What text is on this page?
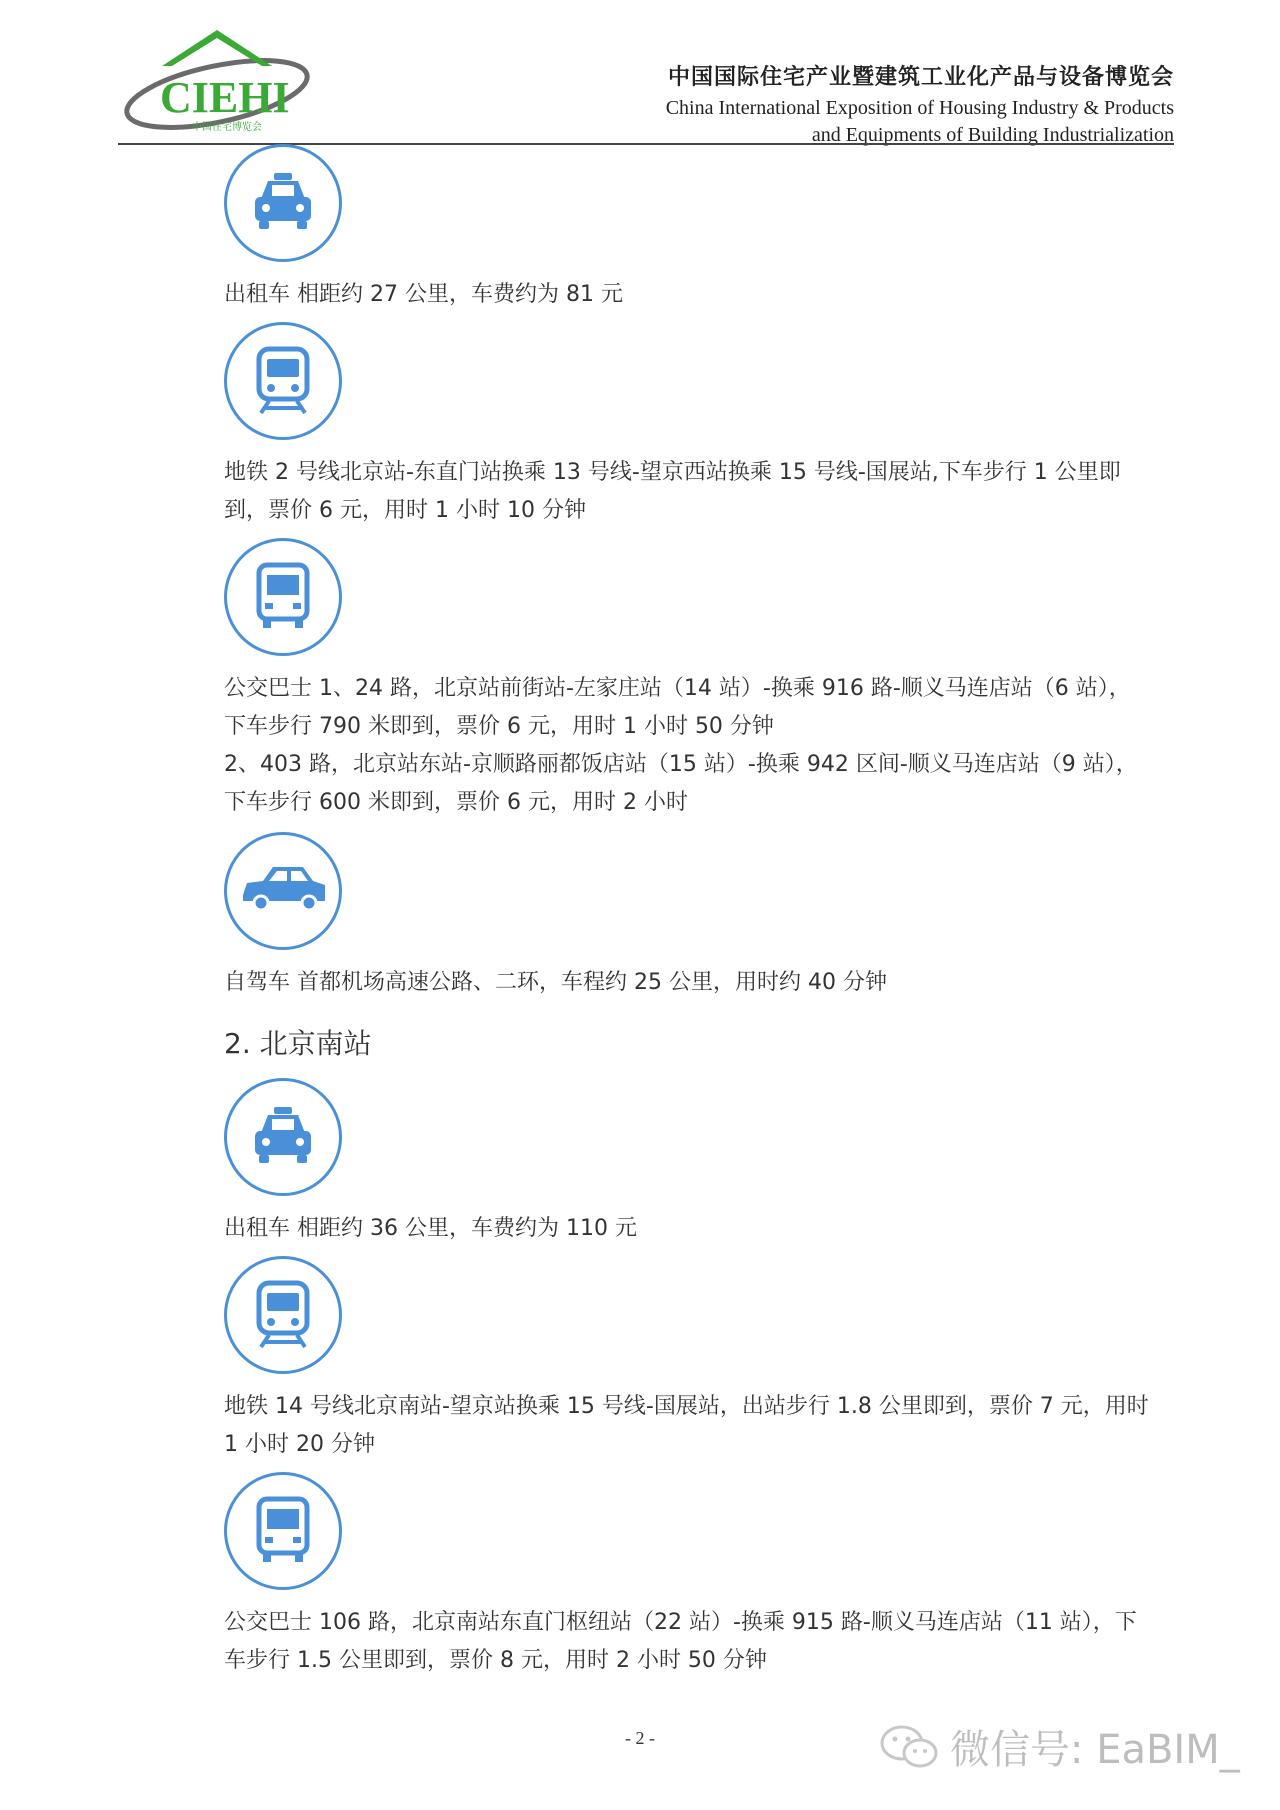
CIEHI
中国住宅博览会
中国国际住宅产业暨建筑工业化产品与设备博览会
China International Exposition of Housing Industry & Products
and Equipments of Building Industrialization

出租车 相距约 27 公里，车费约为 81 元

地铁 2 号线北京站-东直门站换乘 13 号线-望京西站换乘 15 号线-国展站,下车步行 1 公里即

到，票价 6 元，用时 1 小时 10 分钟

公交巴士 1、24 路，北京站前街站-左家庄站（14 站）-换乘 916 路-顺义马连店站（6 站），

下车步行 790 米即到，票价 6 元，用时 1 小时 50 分钟

2、403 路，北京站东站-京顺路丽都饭店站（15 站）-换乘 942 区间-顺义马连店站（9 站），

下车步行 600 米即到，票价 6 元，用时 2 小时

自驾车 首都机场高速公路、二环，车程约 25 公里，用时约 40 分钟

2. 北京南站

出租车 相距约 36 公里，车费约为 110 元

地铁 14 号线北京南站-望京站换乘 15 号线-国展站，出站步行 1.8 公里即到，票价 7 元，用时

1 小时 20 分钟

公交巴士 106 路，北京南站东直门枢纽站（22 站）-换乘 915 路-顺义马连店站（11 站），下

车步行 1.5 公里即到，票价 8 元，用时 2 小时 50 分钟

- 2 -	微信号: EaBIM_
